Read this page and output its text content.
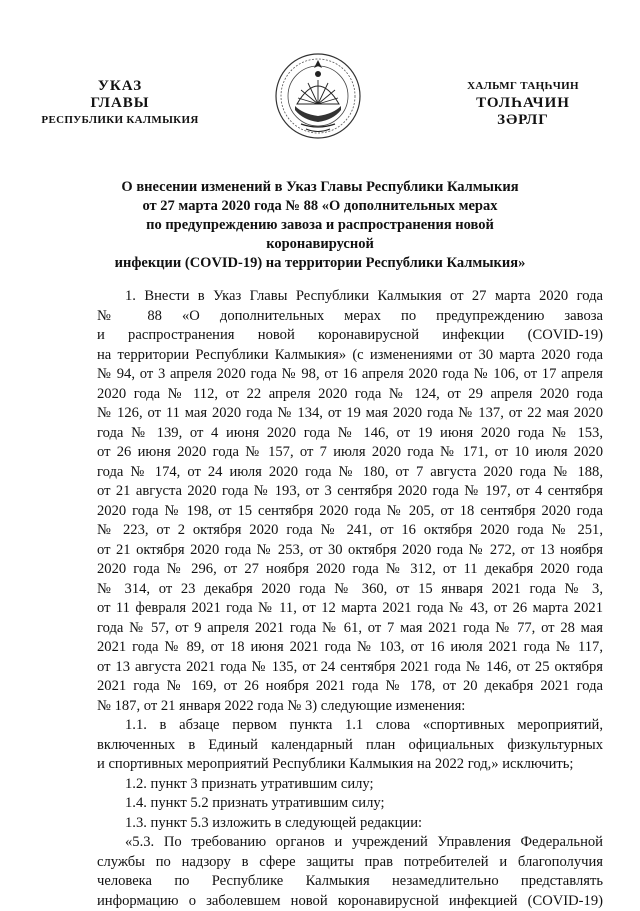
УКАЗ
ГЛАВЫ
РЕСПУБЛИКИ КАЛМЫКИЯ
ХАЛЬМГ ТАҢҺЧИН
ТОЛҺАЧИН
ЗӘРЛГ
О внесении изменений в Указ Главы Республики Калмыкия
от 27 марта 2020 года № 88 «О дополнительных мерах
по предупреждению завоза и распространения новой коронавирусной
инфекции (COVID-19) на территории Республики Калмыкия»

1. Внести в Указ Главы Республики Калмыкия от 27 марта 2020 года

№ 88 «О дополнительных мерах по предупреждению завоза

и распространения новой коронавирусной инфекции (COVID-19)

на территории Республики Калмыкия» (с изменениями от 30 марта 2020 года

№ 94, от 3 апреля 2020 года № 98, от 16 апреля 2020 года № 106, от 17 апреля

2020 года № 112, от 22 апреля 2020 года № 124, от 29 апреля 2020 года

№ 126, от 11 мая 2020 года № 134, от 19 мая 2020 года № 137, от 22 мая 2020

года № 139, от 4 июня 2020 года № 146, от 19 июня 2020 года № 153,

от 26 июня 2020 года № 157, от 7 июля 2020 года № 171, от 10 июля 2020

года № 174, от 24 июля 2020 года № 180, от 7 августа 2020 года № 188,

от 21 августа 2020 года № 193, от 3 сентября 2020 года № 197, от 4 сентября

2020 года № 198, от 15 сентября 2020 года № 205, от 18 сентября 2020 года

№ 223, от 2 октября 2020 года № 241, от 16 октября 2020 года № 251,

от 21 октября 2020 года № 253, от 30 октября 2020 года № 272, от 13 ноября

2020 года № 296, от 27 ноября 2020 года № 312, от 11 декабря 2020 года

№ 314, от 23 декабря 2020 года № 360, от 15 января 2021 года № 3,

от 11 февраля 2021 года № 11, от 12 марта 2021 года № 43, от 26 марта 2021

года № 57, от 9 апреля 2021 года № 61, от 7 мая 2021 года № 77, от 28 мая

2021 года № 89, от 18 июня 2021 года № 103, от 16 июля 2021 года № 117,

от 13 августа 2021 года № 135, от 24 сентября 2021 года № 146, от 25 октября

2021 года № 169, от 26 ноября 2021 года № 178, от 20 декабря 2021 года

№ 187, от 21 января 2022 года № 3) следующие изменения:

1.1. в абзаце первом пункта 1.1 слова «спортивных мероприятий,

включенных в Единый календарный план официальных физкультурных

и спортивных мероприятий Республики Калмыкия на 2022 год,» исключить;

1.2. пункт 3 признать утратившим силу;

1.4. пункт 5.2 признать утратившим силу;

1.3. пункт 5.3 изложить в следующей редакции:

«5.3. По требованию органов и учреждений Управления Федеральной

службы по надзору в сфере защиты прав потребителей и благополучия

человека по Республике Калмыкия незамедлительно представлять

информацию о заболевшем новой коронавирусной инфекцией (COVID-19)
